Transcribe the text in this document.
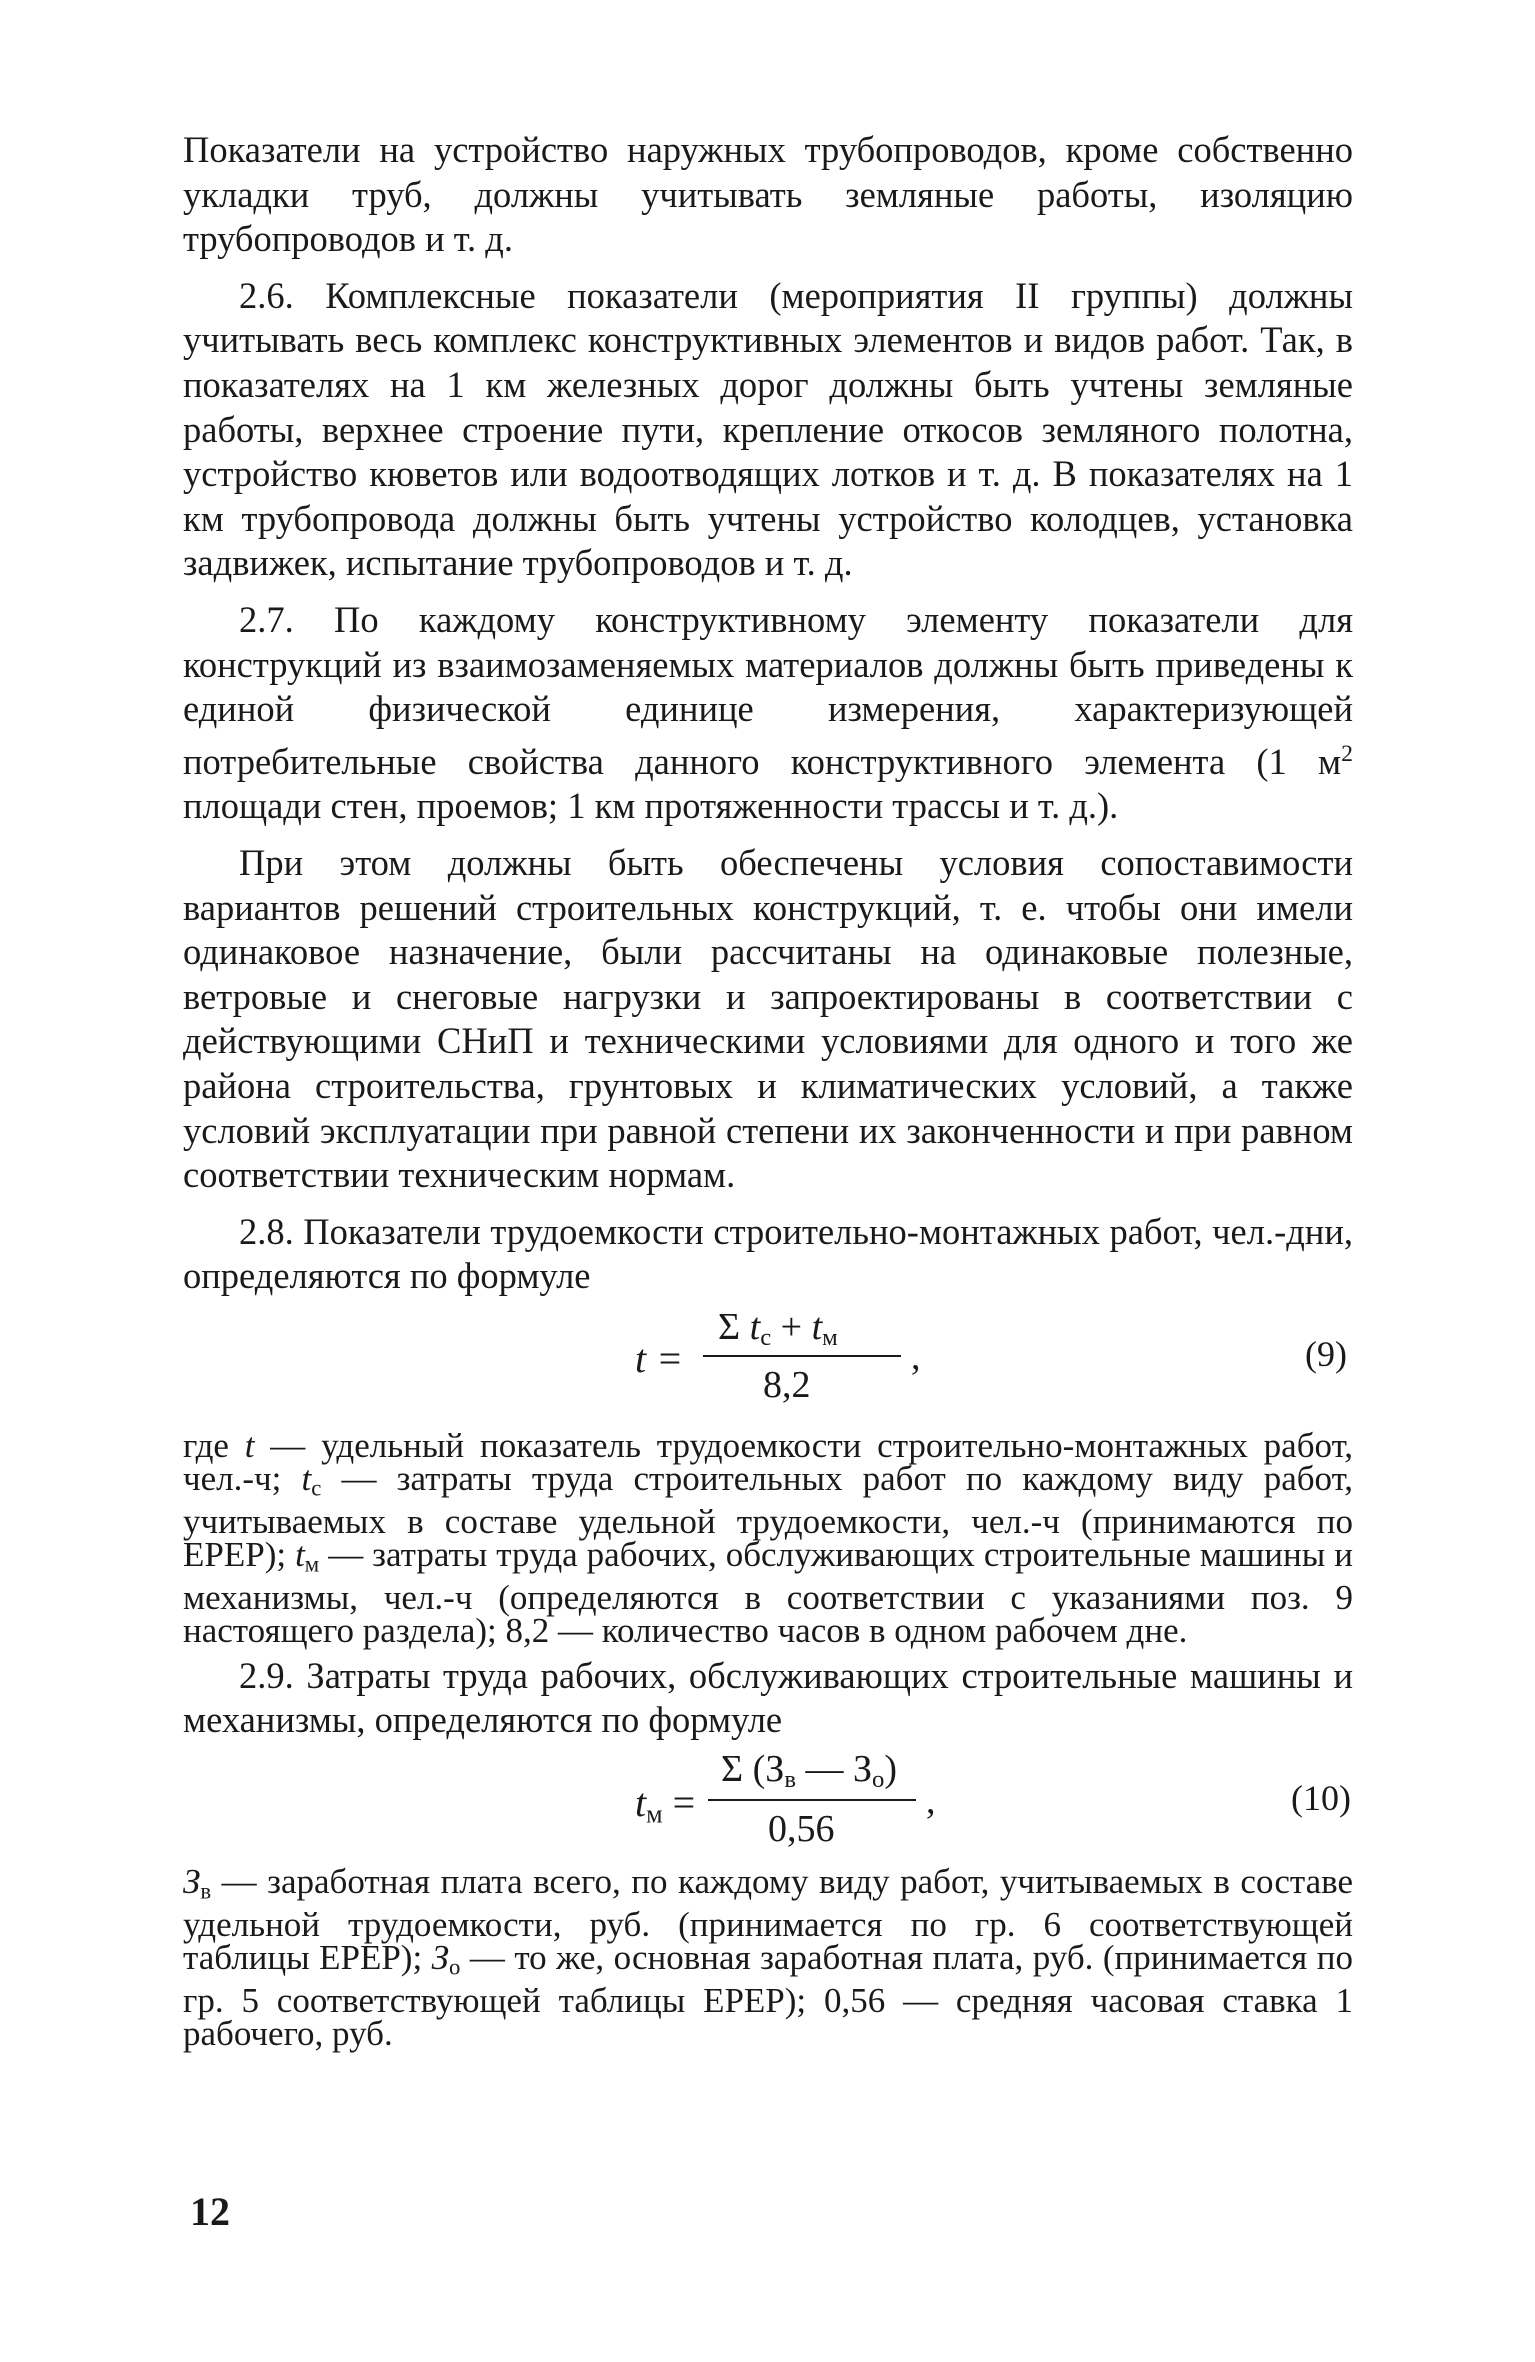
Показатели на устройство наружных трубопроводов, кроме собственно укладки труб, должны учитывать земляные работы, изоляцию трубопроводов и т. д.

2.6. Комплексные показатели (мероприятия II группы) должны учитывать весь комплекс конструктивных элементов и видов работ. Так, в показателях на 1 км железных дорог должны быть учтены земляные работы, верхнее строение пути, крепление откосов земляного полотна, устройство кюветов или водоотводящих лотков и т. д. В показателях на 1 км трубопровода должны быть учтены устройство колодцев, установка задвижек, испытание трубопроводов и т. д.

2.7. По каждому конструктивному элементу показатели для конструкций из взаимозаменяемых материалов должны быть приведены к единой физической единице измерения, характеризующей потребительные свойства данного конструктивного элемента (1 $м^2$ площади стен, проемов; 1 км протяженности трассы и т. д.).

При этом должны быть обеспечены условия сопоставимости вариантов решений строительных конструкций, т. е. чтобы они имели одинаковое назначение, были рассчитаны на одинаковые полезные, ветровые и снеговые нагрузки и запроектированы в соответствии с действующими СНиП и техническими условиями для одного и того же района строительства, грунтовых и климатических условий, а также условий эксплуатации при равной степени их законченности и при равном соответствии техническим нормам.

2.8. Показатели трудоемкости строительно-монтажных работ, чел.-дни, определяются по формуле

t =
Σ $t_с + t_м$
8,2
,	(9)

где t — удельный показатель трудоемкости строительно-монтажных работ, чел.-ч; $t_с$ — затраты труда строительных работ по каждому виду работ, учитываемых в составе удельной трудоемкости, чел.-ч (принимаются по ЕРЕР); $t_м$ — затраты труда рабочих, обслуживающих строительные машины и механизмы, чел.-ч (определяются в соответствии с указаниями поз. 9 настоящего раздела); 8,2 — количество часов в одном рабочем дне.

2.9. Затраты труда рабочих, обслуживающих строительные машины и механизмы, определяются по формуле

$t_м$ =
Σ ($З_в$ — $З_о$)
0,56
,	(10)

$З_в$ — заработная плата всего, по каждому виду работ, учитываемых в составе удельной трудоемкости, руб. (принимается по гр. 6 соответствующей таблицы ЕРЕР); $З_о$ — то же, основная заработная плата, руб. (принимается по гр. 5 соответствующей таблицы ЕРЕР); 0,56 — средняя часовая ставка 1 рабочего, руб.

12
